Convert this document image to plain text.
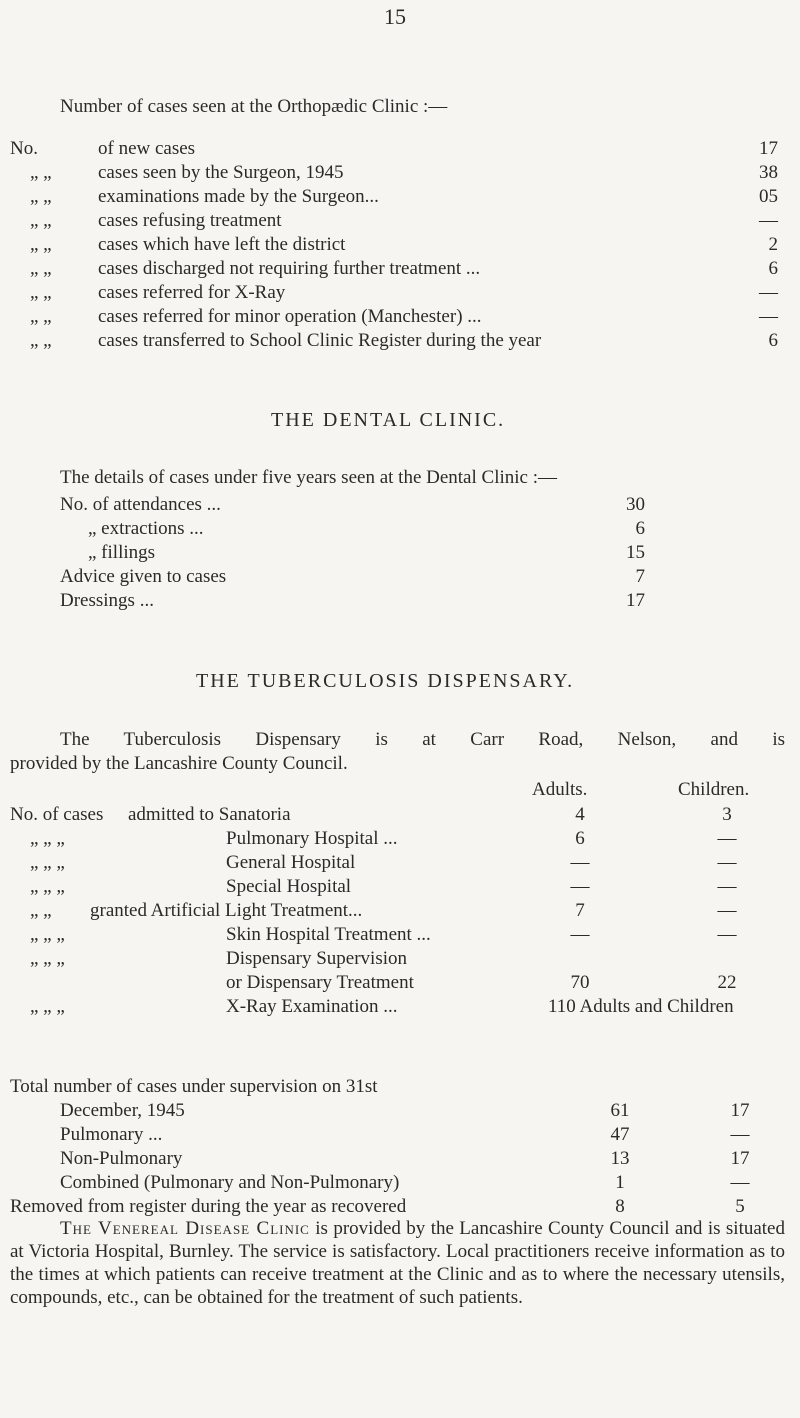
15
Number of cases seen at the Orthopædic Clinic :—
No.	of new cases	17
„ „ cases seen by the Surgeon, 1945	38
„ „ examinations made by the Surgeon...	05
„ „ cases refusing treatment	—
„ „ cases which have left the district	2
„ „ cases discharged not requiring further treatment ...	6
„ „ cases referred for X-Ray	—
„ „ cases referred for minor operation (Manchester) ...	—
„ „ cases transferred to School Clinic Register during the year	6
THE DENTAL CLINIC.
The details of cases under five years seen at the Dental Clinic :—
No. of attendances ...	30
„ extractions ...	6
„ fillings	15
Advice given to cases	7
Dressings ...	17
THE TUBERCULOSIS DISPENSARY.
The Tuberculosis Dispensary is at Carr Road, Nelson, and is
provided by the Lancashire County Council.
Adults.	Children.
No. of cases admitted to Sanatoria	4	3
„ „ „	Pulmonary Hospital ...	6	—
„ „ „	General Hospital	—	—
„ „ „	Special Hospital	—	—
„ „ granted Artificial Light Treatment...	7	—
„ „ „	Skin Hospital Treatment ...	—	—
„ „ „	Dispensary Supervision
or Dispensary Treatment	70	22
„ „ „	X-Ray Examination ...	110 Adults and Children
Total number of cases under supervision on 31st
December, 1945	61	17
Pulmonary ...	47	—
Non-Pulmonary	13	17
Combined (Pulmonary and Non-Pulmonary)	1	—
Removed from register during the year as recovered	8	5
The Venereal Disease Clinic is provided by the Lancashire County Council and is situated at Victoria Hospital, Burnley. The service is satisfactory. Local practitioners receive information as to the times at which patients can receive treatment at the Clinic and as to where the necessary utensils, compounds, etc., can be obtained for the treatment of such patients.
